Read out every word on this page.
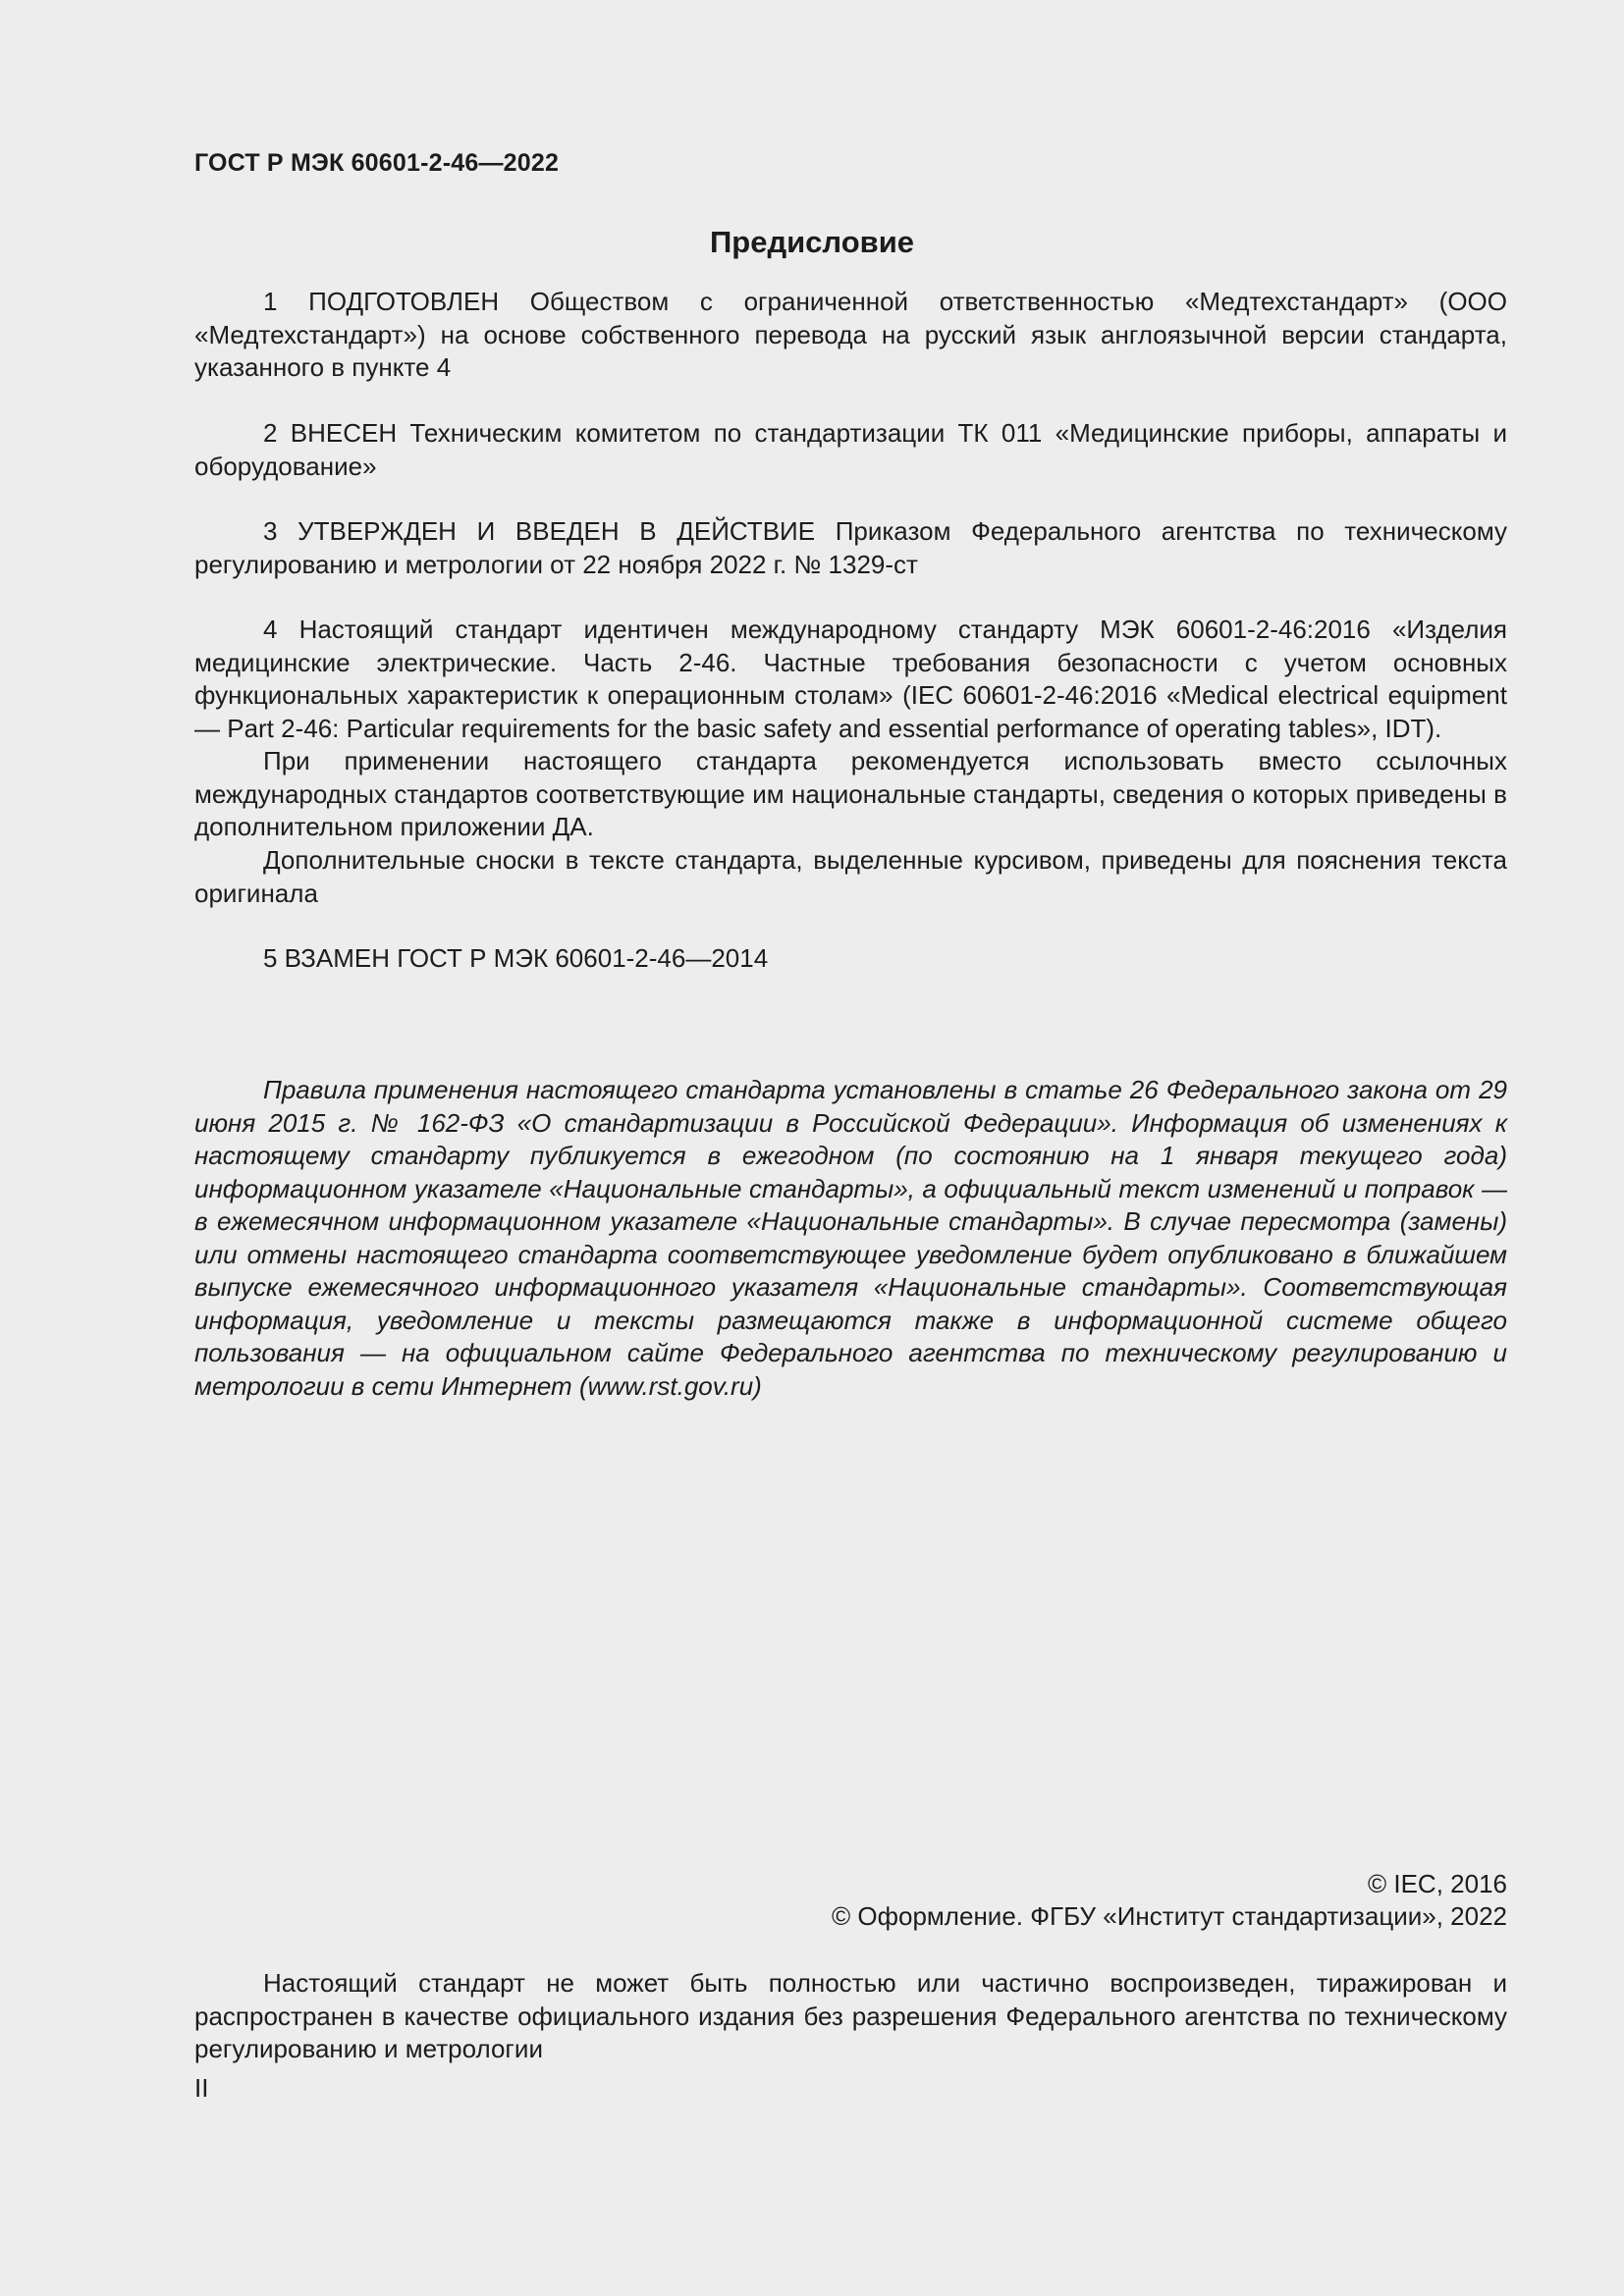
ГОСТ Р МЭК 60601-2-46—2022
Предисловие

1 ПОДГОТОВЛЕН Обществом с ограниченной ответственностью «Медтехстандарт» (ООО «Медтехстандарт») на основе собственного перевода на русский язык англоязычной версии стандарта, указанного в пункте 4

2 ВНЕСЕН Техническим комитетом по стандартизации ТК 011 «Медицинские приборы, аппараты и оборудование»

3 УТВЕРЖДЕН И ВВЕДЕН В ДЕЙСТВИЕ Приказом Федерального агентства по техническому регулированию и метрологии от 22 ноября 2022 г. № 1329-ст

4 Настоящий стандарт идентичен международному стандарту МЭК 60601-2-46:2016 «Изделия медицинские электрические. Часть 2-46. Частные требования безопасности с учетом основных функциональных характеристик к операционным столам» (IEC 60601-2-46:2016 «Medical electrical equipment — Part 2-46: Particular requirements for the basic safety and essential performance of operating tables», IDT).

При применении настоящего стандарта рекомендуется использовать вместо ссылочных международных стандартов соответствующие им национальные стандарты, сведения о которых приведены в дополнительном приложении ДА.

Дополнительные сноски в тексте стандарта, выделенные курсивом, приведены для пояснения текста оригинала

5 ВЗАМЕН ГОСТ Р МЭК 60601-2-46—2014

Правила применения настоящего стандарта установлены в статье 26 Федерального закона от 29 июня 2015 г. № 162-ФЗ «О стандартизации в Российской Федерации». Информация об изменениях к настоящему стандарту публикуется в ежегодном (по состоянию на 1 января текущего года) информационном указателе «Национальные стандарты», а официальный текст изменений и поправок — в ежемесячном информационном указателе «Национальные стандарты». В случае пересмотра (замены) или отмены настоящего стандарта соответствующее уведомление будет опубликовано в ближайшем выпуске ежемесячного информационного указателя «Национальные стандарты». Соответствующая информация, уведомление и тексты размещаются также в информационной системе общего пользования — на официальном сайте Федерального агентства по техническому регулированию и метрологии в сети Интернет (www.rst.gov.ru)

© IEC, 2016

© Оформление. ФГБУ «Институт стандартизации», 2022

Настоящий стандарт не может быть полностью или частично воспроизведен, тиражирован и распространен в качестве официального издания без разрешения Федерального агентства по техническому регулированию и метрологии

II
